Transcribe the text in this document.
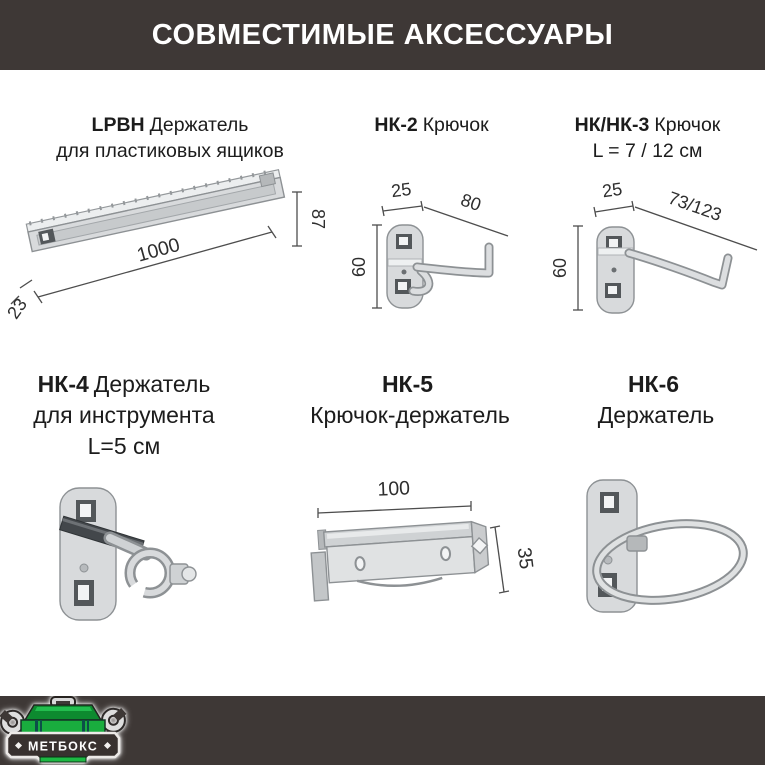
СОВМЕСТИМЫЕ АКСЕССУАРЫ
LPBH Держатель
для пластиковых ящиков
НК-2 Крючок	НК/НК-3 Крючок
L = 7 / 12 см
НК-4 Держатель
для инструмента
L=5 см
НК-5
Крючок-держатель
НК-6
Держатель
87
1000
23
60
25	80
60
25 73/123
100
35
МЕТБОКС
